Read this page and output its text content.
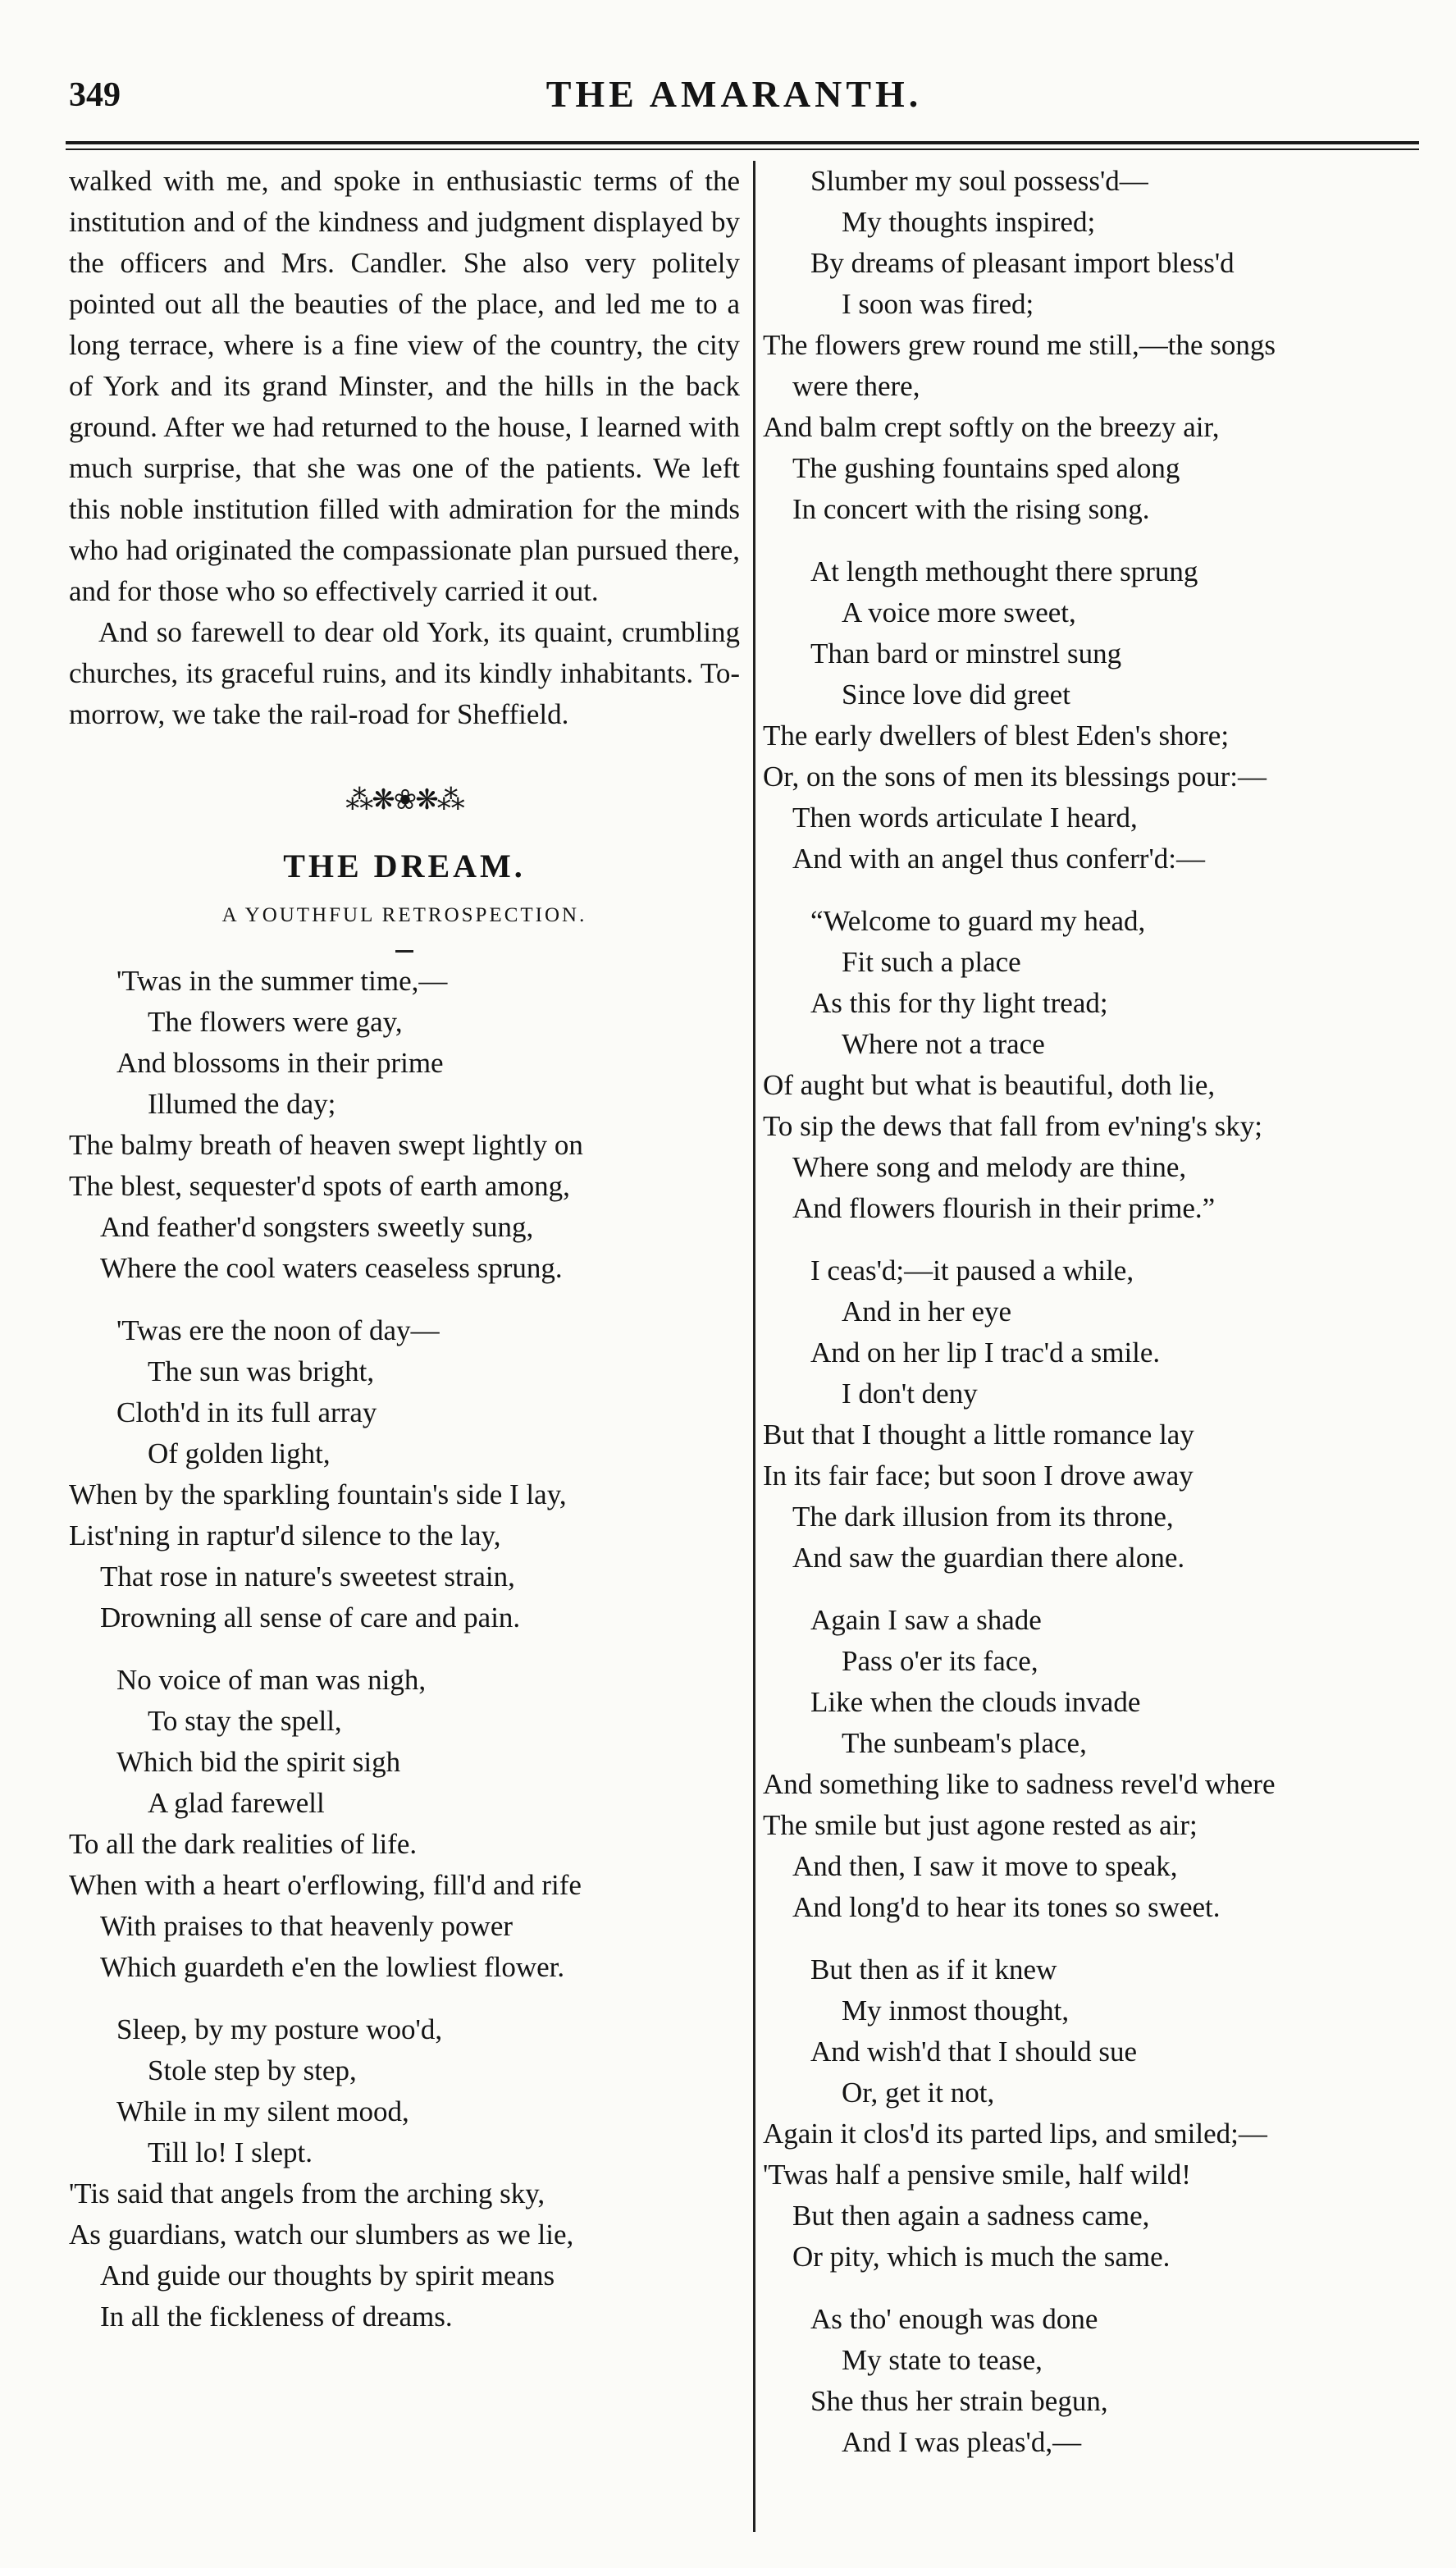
349	THE AMARANTH.

walked with me, and spoke in enthusiastic terms of the institution and of the kindness and judgment displayed by the officers and Mrs. Candler. She also very politely pointed out all the beauties of the place, and led me to a long terrace, where is a fine view of the country, the city of York and its grand Minster, and the hills in the back ground. After we had returned to the house, I learned with much surprise, that she was one of the patients. We left this noble institution filled with admiration for the minds who had originated the compassionate plan pursued there, and for those who so effectively carried it out.

And so farewell to dear old York, its quaint, crumbling churches, its graceful ruins, and its kindly inhabitants. To-morrow, we take the rail-road for Sheffield.

⁂❋❀❋⁂
THE DREAM.
A YOUTHFUL RETROSPECTION.
'Twas in the summer time,—
The flowers were gay,
And blossoms in their prime
Illumed the day;
The balmy breath of heaven swept lightly on
The blest, sequester'd spots of earth among,
And feather'd songsters sweetly sung,
Where the cool waters ceaseless sprung.
'Twas ere the noon of day—
The sun was bright,
Cloth'd in its full array
Of golden light,
When by the sparkling fountain's side I lay,
List'ning in raptur'd silence to the lay,
That rose in nature's sweetest strain,
Drowning all sense of care and pain.
No voice of man was nigh,
To stay the spell,
Which bid the spirit sigh
A glad farewell
To all the dark realities of life.
When with a heart o'erflowing, fill'd and rife
With praises to that heavenly power
Which guardeth e'en the lowliest flower.
Sleep, by my posture woo'd,
Stole step by step,
While in my silent mood,
Till lo! I slept.
'Tis said that angels from the arching sky,
As guardians, watch our slumbers as we lie,
And guide our thoughts by spirit means
In all the fickleness of dreams.
Slumber my soul possess'd—
My thoughts inspired;
By dreams of pleasant import bless'd
I soon was fired;
The flowers grew round me still,—the songs
were there,
And balm crept softly on the breezy air,
The gushing fountains sped along
In concert with the rising song.
At length methought there sprung
A voice more sweet,
Than bard or minstrel sung
Since love did greet
The early dwellers of blest Eden's shore;
Or, on the sons of men its blessings pour:—
Then words articulate I heard,
And with an angel thus conferr'd:—
“Welcome to guard my head,
Fit such a place
As this for thy light tread;
Where not a trace
Of aught but what is beautiful, doth lie,
To sip the dews that fall from ev'ning's sky;
Where song and melody are thine,
And flowers flourish in their prime.”
I ceas'd;—it paused a while,
And in her eye
And on her lip I trac'd a smile.
I don't deny
But that I thought a little romance lay
In its fair face; but soon I drove away
The dark illusion from its throne,
And saw the guardian there alone.
Again I saw a shade
Pass o'er its face,
Like when the clouds invade
The sunbeam's place,
And something like to sadness revel'd where
The smile but just agone rested as air;
And then, I saw it move to speak,
And long'd to hear its tones so sweet.
But then as if it knew
My inmost thought,
And wish'd that I should sue
Or, get it not,
Again it clos'd its parted lips, and smiled;—
'Twas half a pensive smile, half wild!
But then again a sadness came,
Or pity, which is much the same.
As tho' enough was done
My state to tease,
She thus her strain begun,
And I was pleas'd,—
